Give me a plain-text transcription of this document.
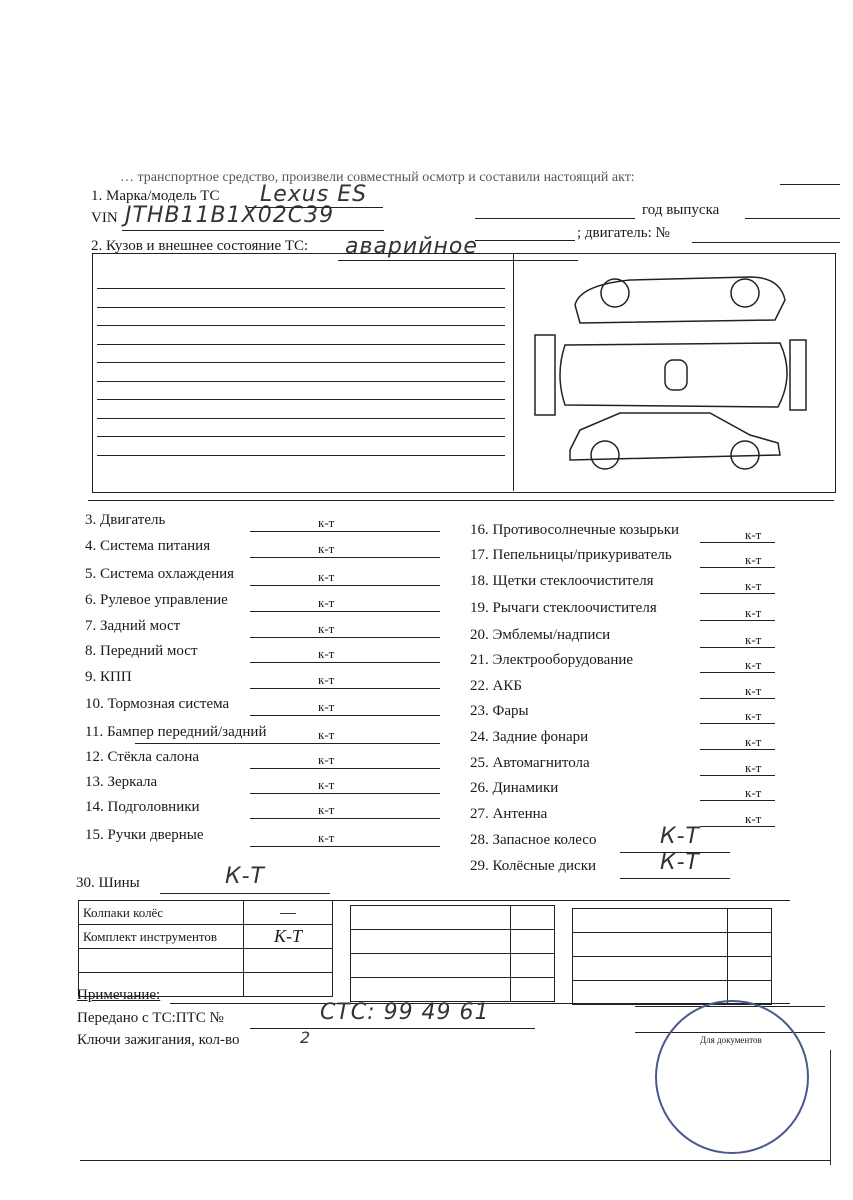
… транспортное средство, произвели совместный осмотр и составили настоящий акт:
1. Марка/модель ТС Lexus ES
VIN JTHB11B1X02C39	год выпуска
; двигатель: №
2. Кузов и внешнее состояние ТС: аварийное
30. Шины	К-Т
Колпаки колёс	—
Комплект инструментов	К-Т

Примечание:
Передано с ТС:ПТС №	СТС: 99 49 61
Ключи зажигания, кол-во	2	Для документов
3. Двигатель	к-т
4. Система питания	к-т
5. Система охлаждения	к-т
6. Рулевое управление	к-т
7. Задний мост	к-т
8. Передний мост	к-т
9. КПП	к-т
10. Тормозная система	к-т
11. Бампер передний/задний	к-т
12. Стёкла салона	к-т
13. Зеркала	к-т
14. Подголовники	к-т
15. Ручки дверные	к-т
16. Противосолнечные козырьки	к-т
17. Пепельницы/прикуриватель	к-т
18. Щетки стеклоочистителя	к-т
19. Рычаги стеклоочистителя	к-т
20. Эмблемы/надписи	к-т
21. Электрооборудование	к-т
22. АКБ	к-т
23. Фары	к-т
24. Задние фонари	к-т
25. Автомагнитола	к-т
26. Динамики	к-т
27. Антенна	к-т
28. Запасное колесо	К-Т
29. Колёсные диски	К-Т
